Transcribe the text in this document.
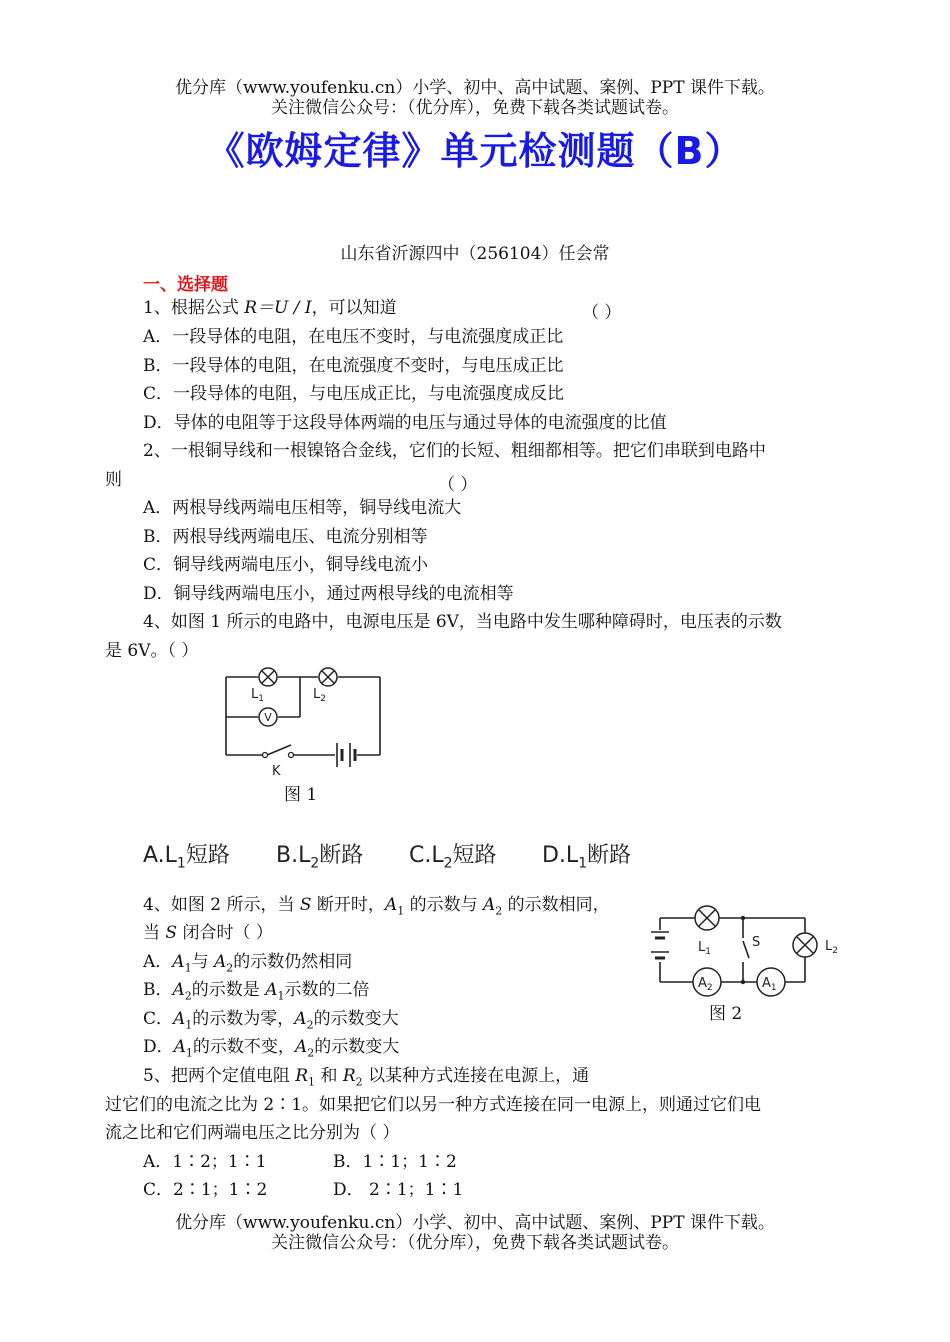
优分库（www.youfenku.cn）小学、初中、高中试题、案例、PPT 课件下载。
关注微信公众号：（优分库），免费下载各类试题试卷。
《欧姆定律》单元检测题（B）
山东省沂源四中（256104）任会常
一、选择题
1、根据公式 R＝U / I，可以知道	（ ）
A．一段导体的电阻，在电压不变时，与电流强度成正比
B．一段导体的电阻，在电流强度不变时，与电压成正比
C．一段导体的电阻，与电压成正比，与电流强度成反比
D．导体的电阻等于这段导体两端的电压与通过导体的电流强度的比值
2、一根铜导线和一根镍铬合金线，它们的长短、粗细都相等。把它们串联到电路中
则	（ ）
A．两根导线两端电压相等，铜导线电流大
B．两根导线两端电压、电流分别相等
C．铜导线两端电压小，铜导线电流小
D．铜导线两端电压小，通过两根导线的电流相等
4、如图 1 所示的电路中，电源电压是 6V，当电路中发生哪种障碍时，电压表的示数
是 6V。（ ）
V
$L_1$	$L_2$
K
图 1
$A.L_1$短路 $B.L_2$断路 $C.L_2$短路 $D.L_1$断路
4、如图 2 所示，当 S 断开时，$A_1$ 的示数与 $A_2$ 的示数相同，
当 S 闭合时（ ）
A．$A_1$与 $A_2$的示数仍然相同
B．$A_2$的示数是 $A_1$示数的二倍
C．$A_1$的示数为零，$A_2$的示数变大
D．$A_1$的示数不变，$A_2$的示数变大
$A_2$	$A_1$
$L_1$
S	$L_2$
图 2
5、把两个定值电阻 $R_1$ 和 $R_2$ 以某种方式连接在电源上，通
过它们的电流之比为 2∶1。如果把它们以另一种方式连接在同一电源上，则通过它们电
流之比和它们两端电压之比分别为（ ）
A．1∶2；1∶1	B．1∶1；1∶2
C．2∶1；1∶2	D． 2∶1；1∶1
优分库（www.youfenku.cn）小学、初中、高中试题、案例、PPT 课件下载。
关注微信公众号：（优分库），免费下载各类试题试卷。
